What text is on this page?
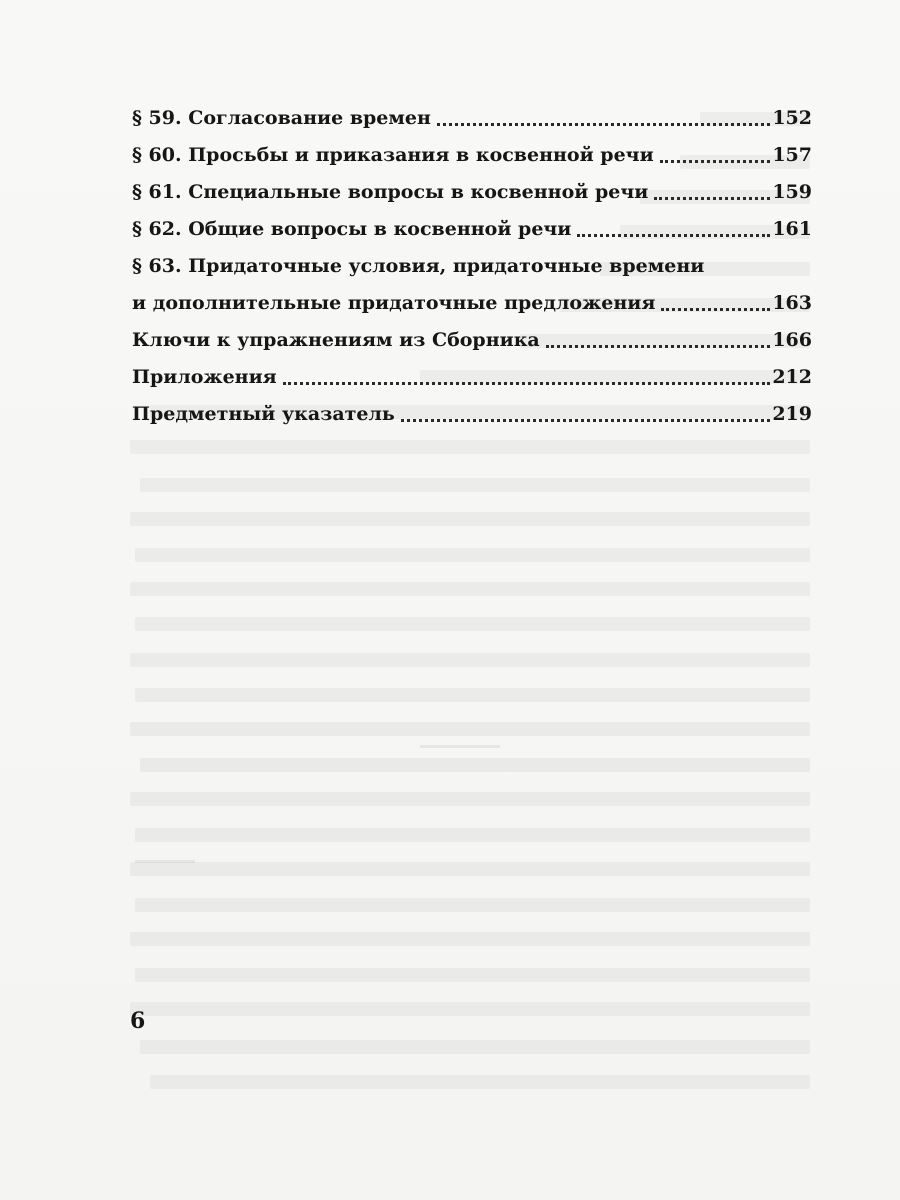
§ 59. Согласование времен	152
§ 60. Просьбы и приказания в косвенной речи	157
§ 61. Специальные вопросы в косвенной речи	159
§ 62. Общие вопросы в косвенной речи	161
§ 63. Придаточные условия, придаточные времени
и дополнительные придаточные предложения	163
Ключи к упражнениям из Сборника	166
Приложения	212
Предметный указатель	219
6
